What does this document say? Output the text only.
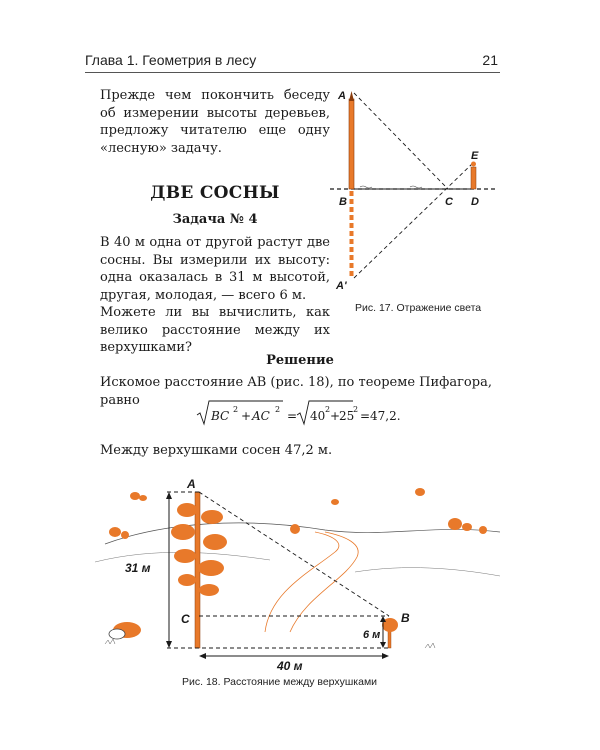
Глава 1. Геометрия в лесу	21
Прежде чем покончить беседу об измерении высоты деревьев, предложу читателю еще одну «лесную» задачу.
ДВЕ СОСНЫ
Задача № 4

В 40 м одна от другой растут две сосны. Вы измерили их высоту: одна оказалась в 31 м высотой, другая, молодая, — всего 6 м.

Можете ли вы вычислить, как велико расстояние между их верхушками?

A
B	C D
E
A'
Рис. 17. Отражение света
Решение
Искомое расстояние AB (рис. 18), по теореме Пифагора, равно
BC 2 + AC 2 = 40 2 +
25
2 = 47,2.
Между верхушками сосен 47,2 м.
A
C	B
31 м
6 м
40 м
Рис. 18. Расстояние между верхушками
